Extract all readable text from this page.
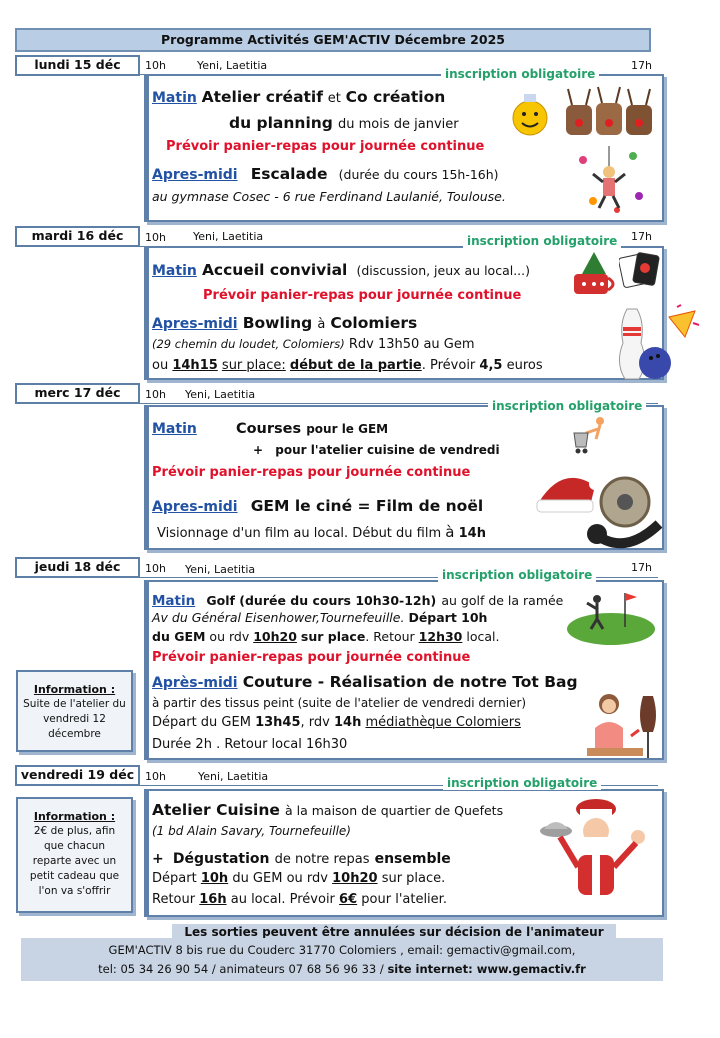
Programme Activités GEM'ACTIV Décembre 2025
lundi 15 déc	10h	Yeni, Laetitia	17h
inscription obligatoire
Matin Atelier créatif et Co création
du planning du mois de janvier
Prévoir panier-repas pour journée continue
Apres-midi Escalade (durée du cours 15h-16h)
au gymnase Cosec - 6 rue Ferdinand Laulanié, Toulouse.
mardi 16 déc	10h Yeni, Laetitia	17h
inscription obligatoire
Matin Accueil convivial (discussion, jeux au local...)
Prévoir panier-repas pour journée continue
Apres-midi Bowling à Colomiers
(29 chemin du loudet, Colomiers) Rdv 13h50 au Gem
ou 14h15 sur place: début de la partie. Prévoir 4,5 euros
merc 17 déc	10h Yeni, Laetitia
inscription obligatoire
Matin	Courses pour le GEM
+ pour l'atelier cuisine de vendredi
Prévoir panier-repas pour journée continue
Apres-midi GEM le ciné = Film de noël
Visionnage d'un film au local. Début du film à 14h
jeudi 18 déc	10h Yeni, Laetitia	17h
inscription obligatoire
Matin Golf (durée du cours 10h30-12h) au golf de la ramée
Av du Général Eisenhower,Tournefeuille. Départ 10h
du GEM ou rdv 10h20 sur place. Retour 12h30 local.
Prévoir panier-repas pour journée continue
Après-midi Couture - Réalisation de notre Tot Bag
à partir des tissus peint (suite de l'atelier de vendredi dernier)
Départ du GEM 13h45, rdv 14h médiathèque Colomiers
Durée 2h . Retour local 16h30
Information :
Suite de l'atelier du
vendredi 12
décembre
vendredi 19 déc 10h	Yeni, Laetitia	inscription obligatoire
Atelier Cuisine à la maison de quartier de Quefets
(1 bd Alain Savary, Tournefeuille)
+ Dégustation de notre repas ensemble
Départ 10h du GEM ou rdv 10h20 sur place.
Retour 16h au local. Prévoir 6€ pour l'atelier.
Information :
2€ de plus, afin
que chacun
reparte avec un
petit cadeau que
l'on va s'offrir
Les sorties peuvent être annulées sur décision de l'animateur
GEM'ACTIV 8 bis rue du Couderc 31770 Colomiers , email: gemactiv@gmail.com,
tel: 05 34 26 90 54 / animateurs 07 68 56 96 33 / site internet: www.gemactiv.fr
